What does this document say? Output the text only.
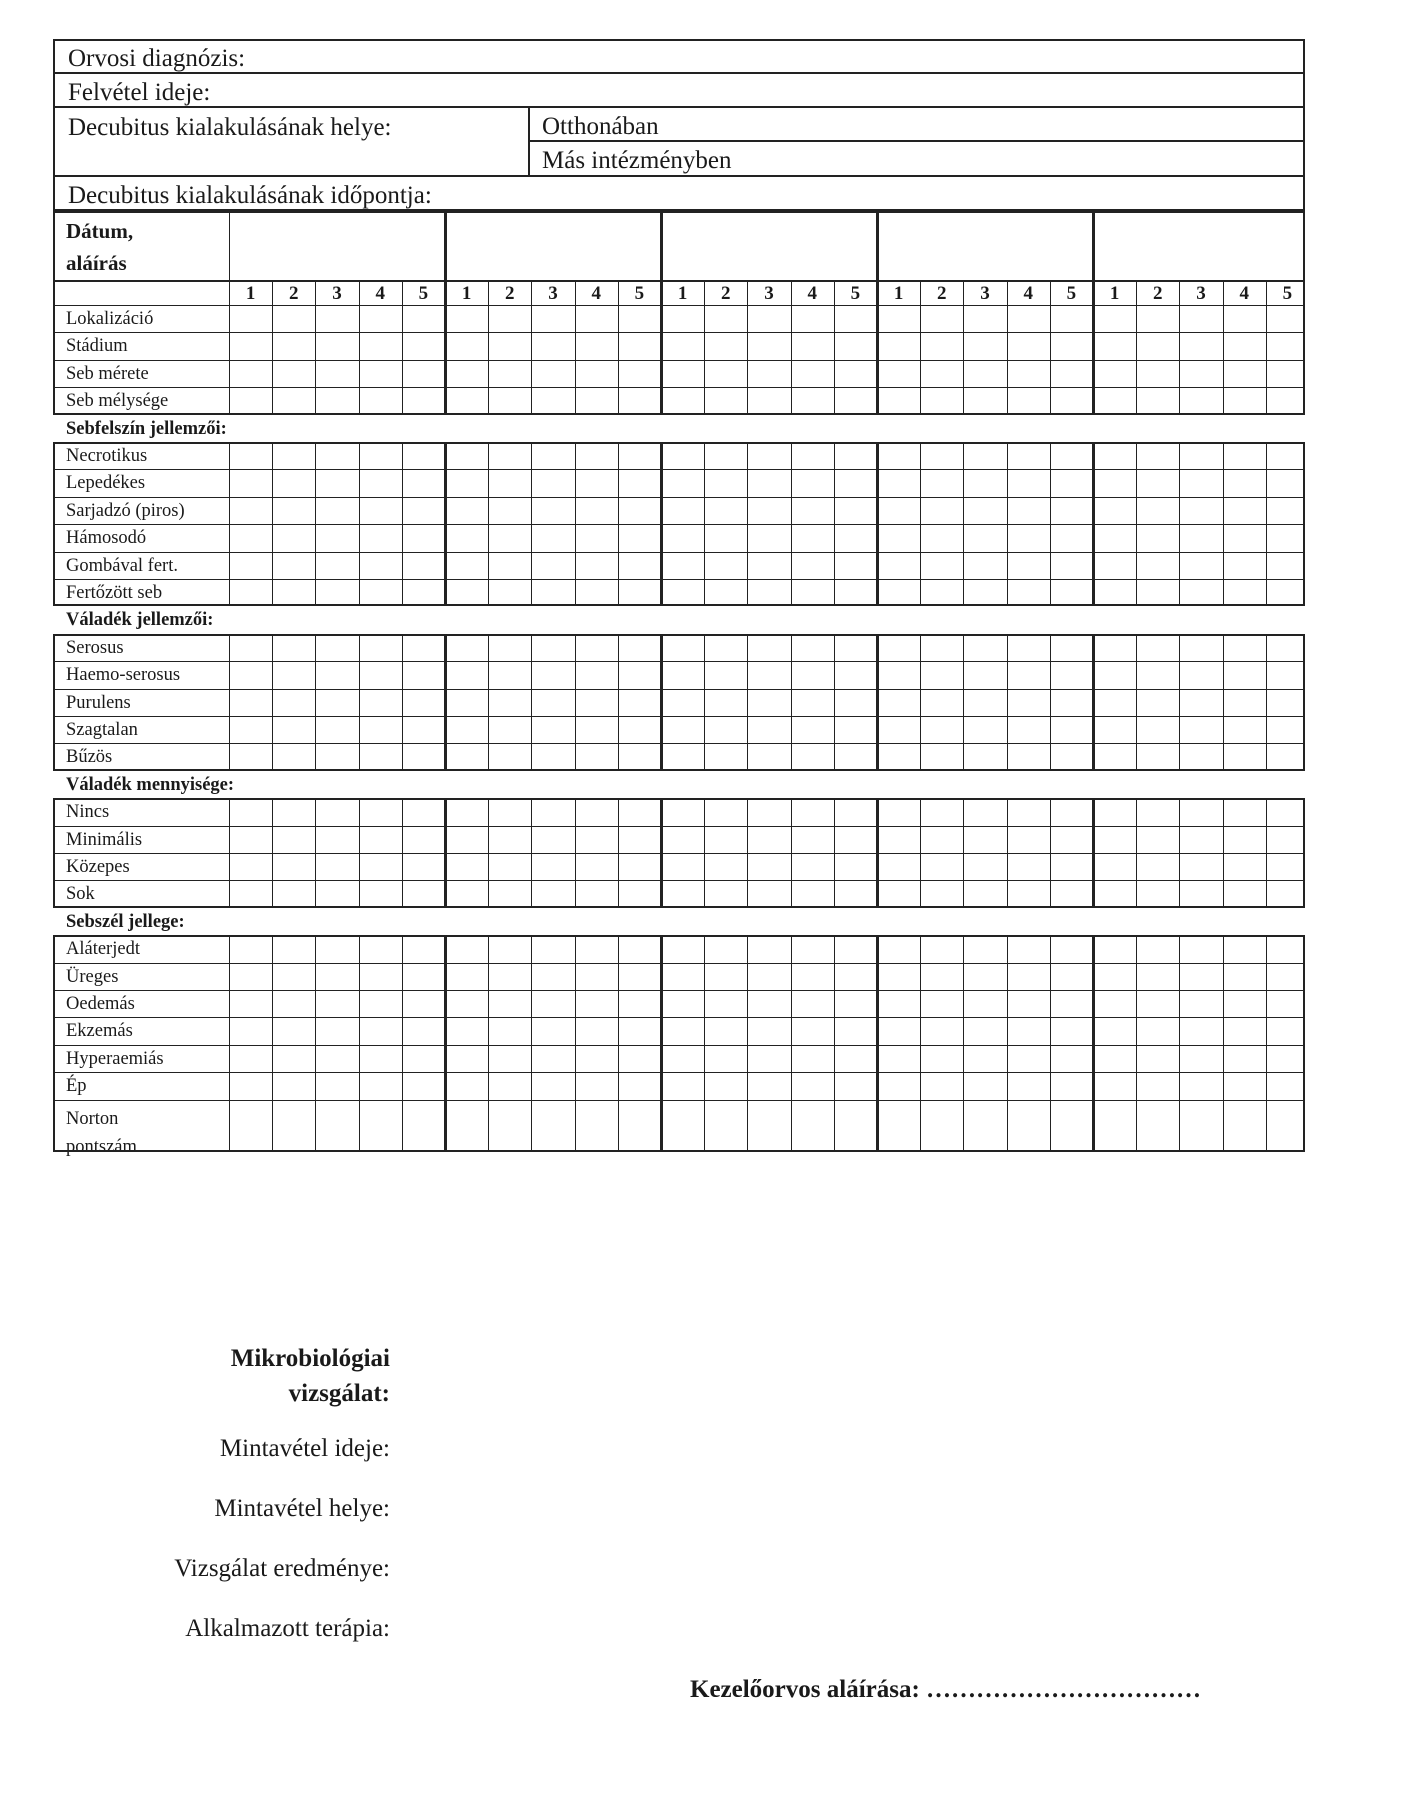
Orvosi diagnózis:
Felvétel ideje:
Decubitus kialakulásának helye:	Otthonában
Más intézményben
Decubitus kialakulásának időpontja:
Dátum,
aláírás
1	2	3	4	5	1	2	3	4	5	1	2	3	4	5	1	2	3	4	5	1	2	3	4	5
Lokalizáció
Stádium
Seb mérete
Seb mélysége
Sebfelszín jellemzői:
Necrotikus
Lepedékes
Sarjadzó (piros)
Hámosodó
Gombával fert.
Fertőzött seb
Váladék jellemzői:
Serosus
Haemo-serosus
Purulens
Szagtalan
Bűzös
Váladék mennyisége:
Nincs
Minimális
Közepes
Sok
Sebszél jellege:
Aláterjedt
Üreges
Oedemás
Ekzemás
Hyperaemiás
Ép
Norton
pontszám
Mikrobiológiai
vizsgálat:
Mintavétel ideje:
Mintavétel helye:
Vizsgálat eredménye:
Alkalmazott terápia:
Kezelőorvos aláírása: ……………………………
